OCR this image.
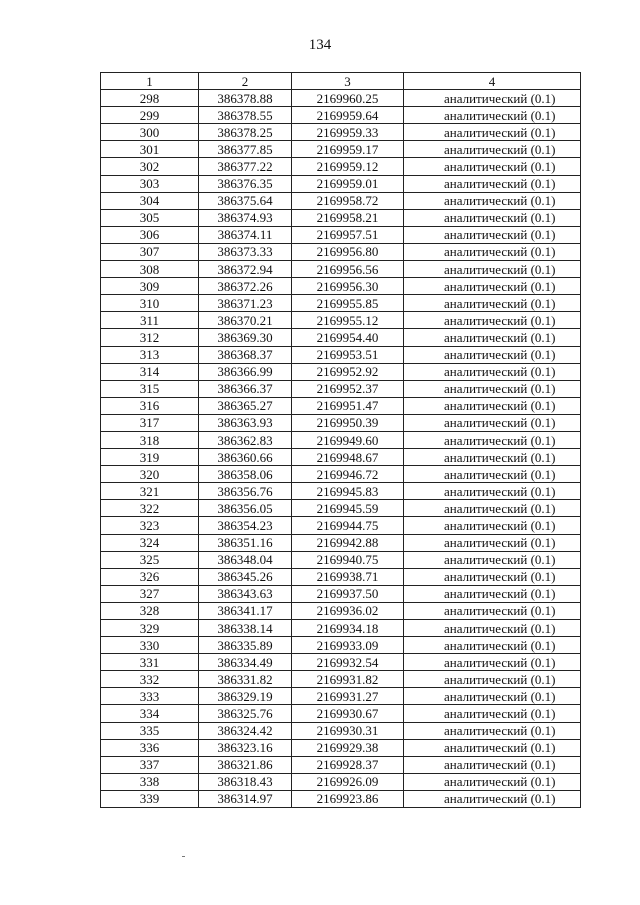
134
1	2	3	4
298	386378.88	2169960.25	аналитический (0.1)
299	386378.55	2169959.64	аналитический (0.1)
300	386378.25	2169959.33	аналитический (0.1)
301	386377.85	2169959.17	аналитический (0.1)
302	386377.22	2169959.12	аналитический (0.1)
303	386376.35	2169959.01	аналитический (0.1)
304	386375.64	2169958.72	аналитический (0.1)
305	386374.93	2169958.21	аналитический (0.1)
306	386374.11	2169957.51	аналитический (0.1)
307	386373.33	2169956.80	аналитический (0.1)
308	386372.94	2169956.56	аналитический (0.1)
309	386372.26	2169956.30	аналитический (0.1)
310	386371.23	2169955.85	аналитический (0.1)
311	386370.21	2169955.12	аналитический (0.1)
312	386369.30	2169954.40	аналитический (0.1)
313	386368.37	2169953.51	аналитический (0.1)
314	386366.99	2169952.92	аналитический (0.1)
315	386366.37	2169952.37	аналитический (0.1)
316	386365.27	2169951.47	аналитический (0.1)
317	386363.93	2169950.39	аналитический (0.1)
318	386362.83	2169949.60	аналитический (0.1)
319	386360.66	2169948.67	аналитический (0.1)
320	386358.06	2169946.72	аналитический (0.1)
321	386356.76	2169945.83	аналитический (0.1)
322	386356.05	2169945.59	аналитический (0.1)
323	386354.23	2169944.75	аналитический (0.1)
324	386351.16	2169942.88	аналитический (0.1)
325	386348.04	2169940.75	аналитический (0.1)
326	386345.26	2169938.71	аналитический (0.1)
327	386343.63	2169937.50	аналитический (0.1)
328	386341.17	2169936.02	аналитический (0.1)
329	386338.14	2169934.18	аналитический (0.1)
330	386335.89	2169933.09	аналитический (0.1)
331	386334.49	2169932.54	аналитический (0.1)
332	386331.82	2169931.82	аналитический (0.1)
333	386329.19	2169931.27	аналитический (0.1)
334	386325.76	2169930.67	аналитический (0.1)
335	386324.42	2169930.31	аналитический (0.1)
336	386323.16	2169929.38	аналитический (0.1)
337	386321.86	2169928.37	аналитический (0.1)
338	386318.43	2169926.09	аналитический (0.1)
339	386314.97	2169923.86	аналитический (0.1)
